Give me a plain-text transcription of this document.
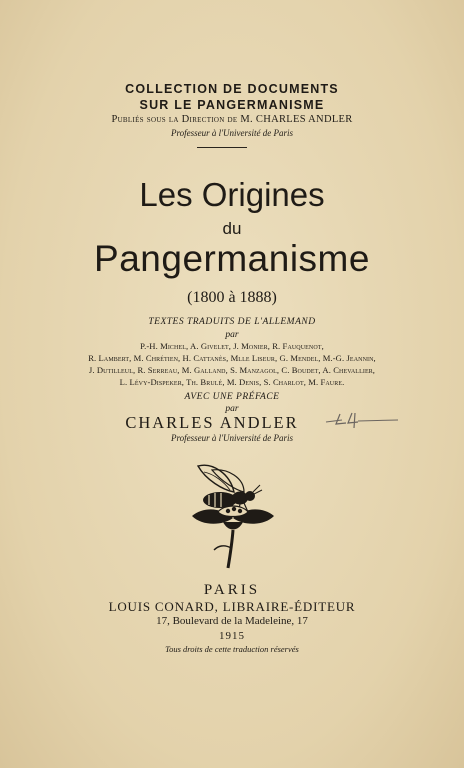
COLLECTION DE DOCUMENTS
SUR LE PANGERMANISME
Publiés sous la Direction de M. CHARLES ANDLER
Professeur à l'Université de Paris
Les Origines
du
Pangermanisme
(1800 à 1888)
TEXTES TRADUITS DE L'ALLEMAND
par
P.-H. Michel, A. Givelet, J. Monier, R. Fauquenot,
R. Lambert, M. Chrétien, H. Cattanès, Mlle Liseur, G. Mendel, M.-G. Jeannin,
J. Dutilleul, R. Serreau, M. Galland, S. Manzagol, C. Boudet, A. Chevallier,
L. Lévy-Dispeker, Th. Brulé, M. Denis, S. Charlot, M. Faure.
AVEC UNE PRÉFACE
par
CHARLES ANDLER
Professeur à l'Université de Paris
PARIS
LOUIS CONARD, LIBRAIRE-ÉDITEUR
17, Boulevard de la Madeleine, 17
1915
Tous droits de cette traduction réservés
